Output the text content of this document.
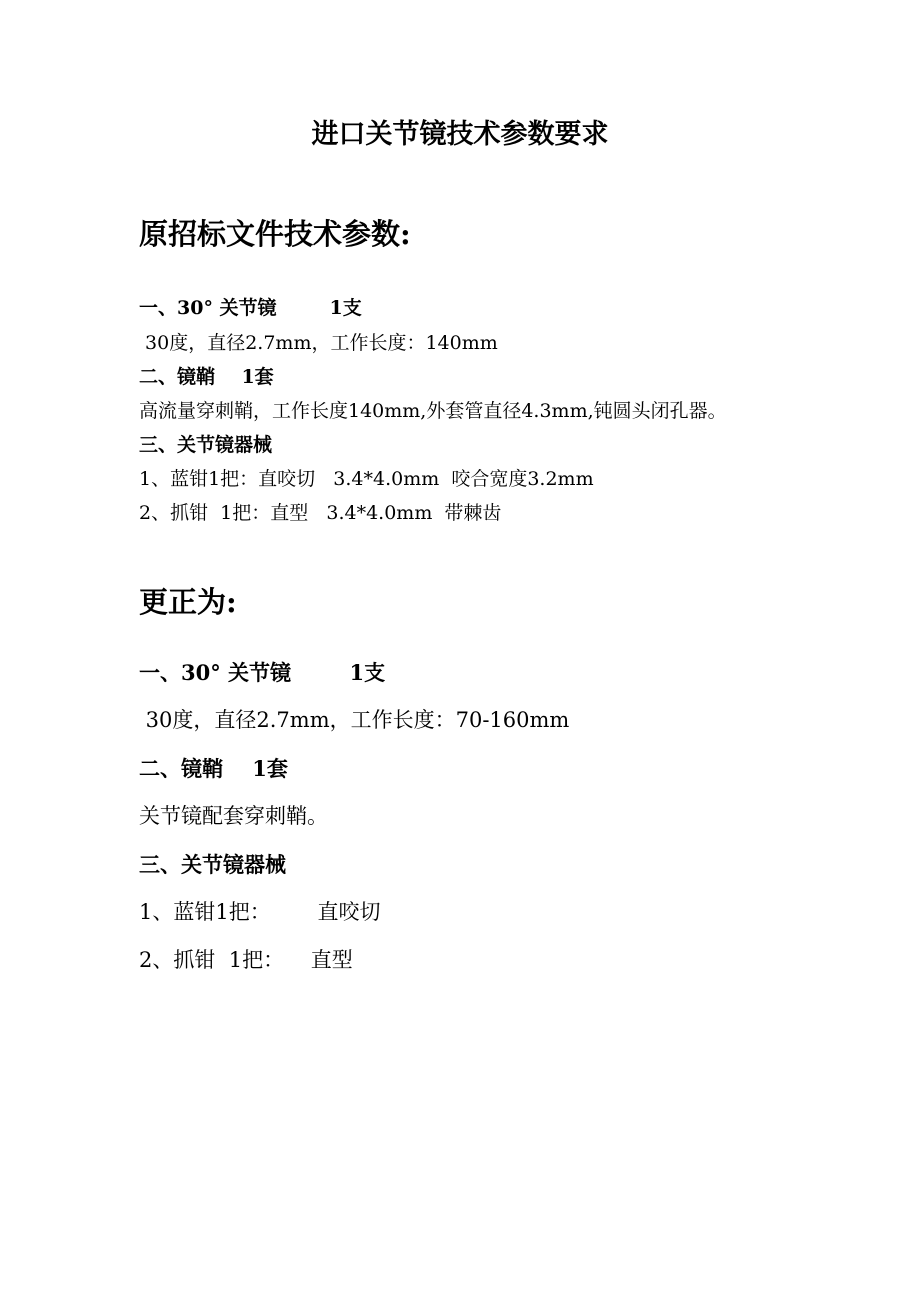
进口关节镜技术参数要求
原招标文件技术参数:
一、30° 关节镜        1支
30度，直径2.7mm，工作长度：140mm
二、镜鞘    1套
高流量穿刺鞘，工作长度140mm,外套管直径4.3mm,钝圆头闭孔器。
三、关节镜器械
1、蓝钳1把：直咬切   3.4*4.0mm  咬合宽度3.2mm
2、抓钳  1把：直型   3.4*4.0mm  带棘齿
更正为:
一、30° 关节镜        1支
30度，直径2.7mm，工作长度：70-160mm
二、镜鞘    1套
关节镜配套穿刺鞘。
三、关节镜器械
1、蓝钳1把：       直咬切
2、抓钳  1把：    直型
